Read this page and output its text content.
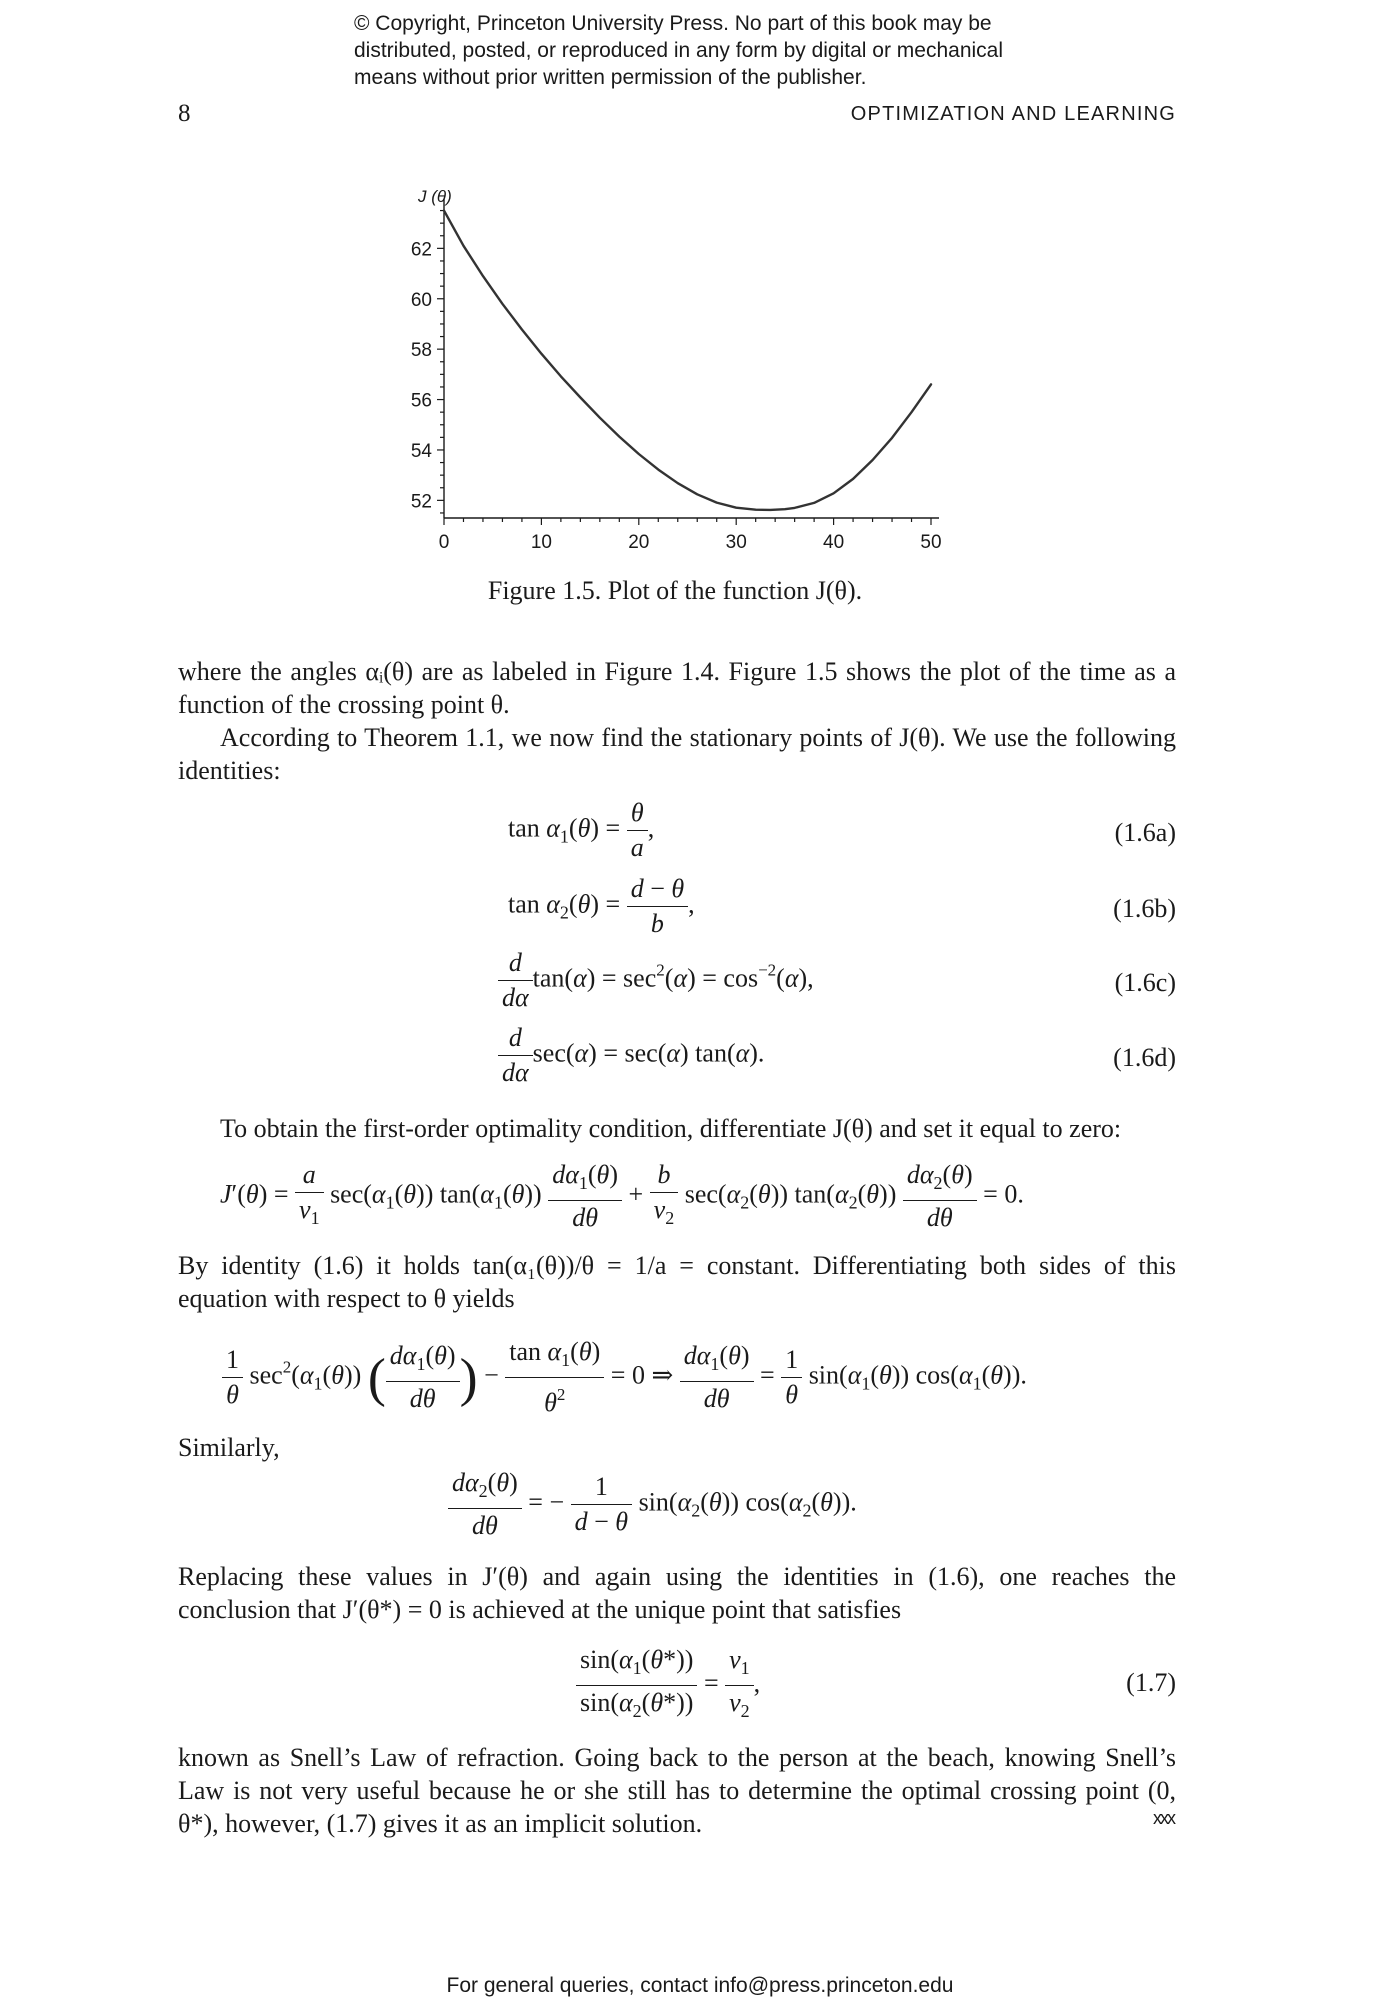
© Copyright, Princeton University Press. No part of this book may be
distributed, posted, or reproduced in any form by digital or mechanical
means without prior written permission of the publisher.
8	OPTIMIZATION AND LEARNING
0	10	20	30	40	50
52
54
56
58
60
62
J (θ)
Figure 1.5. Plot of the function J(θ).
where the angles αᵢ(θ) are as labeled in Figure 1.4. Figure 1.5 shows the plot of the time as a function of the crossing point θ.
According to Theorem 1.1, we now find the stationary points of J(θ). We use the following identities:
$\tan \alpha_1(\theta) = \frac{\theta}{a}$ ,	(1.6a)
$\tan \alpha_2(\theta) = \frac{d - \theta}{b}$ ,	(1.6b)
$\frac{d}{d\alpha} \tan(\alpha) = \sec^2(\alpha) = \cos^{-2}(\alpha)$,	(1.6c)
$\frac{d}{d\alpha} \sec(\alpha) = \sec(\alpha)$ tan(α).	(1.6d)
To obtain the first-order optimality condition, differentiate J(θ) and set it equal to zero:
$J'(\theta) = \frac{a}{v_1} \sec(\alpha_1(\theta))$ $\tan(\alpha_1(\theta)) \frac{d\alpha_1(\theta)}{d\theta} + \frac{b}{v_2} \sec(\alpha_2(\theta))$ $\tan(\alpha_2(\theta)) \frac{d\alpha_2(\theta)}{d\theta} = 0$.
By identity (1.6) it holds tan(α₁(θ))/θ = 1/a = constant. Differentiating both sides of this equation with respect to θ yields
$\frac{1}{\theta} \sec^2(\alpha_1(\theta))$ ( $\frac{d\alpha_1(\theta)}{d\theta}$ ) − $\frac{\tan \alpha_1(\theta)}{\theta^2} = 0$ ⇒ $\frac{d\alpha_1(\theta)}{d\theta} = \frac{1}{\theta} \sin(\alpha_1(\theta))$ $\cos(\alpha_1(\theta))$.
Similarly,
$\frac{d\alpha_2(\theta)}{d\theta}$ = − $\frac{1}{d - \theta} \sin(\alpha_2(\theta))$ $\cos(\alpha_2(\theta))$.
Replacing these values in J′(θ) and again using the identities in (1.6), one reaches the conclusion that J′(θ*) = 0 is achieved at the unique point that satisfies
$\frac{\sin(\alpha_1(\theta*))}{\sin(\alpha_2(\theta*))} = \frac{v_1}{v_2}$ ,	(1.7)
known as Snell’s Law of refraction. Going back to the person at the beach, knowing Snell’s Law is not very useful because he or she still has to determine the optimal crossing point (0, θ*), however, (1.7) gives it as an implicit solution.	xxx
For general queries, contact info@press.princeton.edu
